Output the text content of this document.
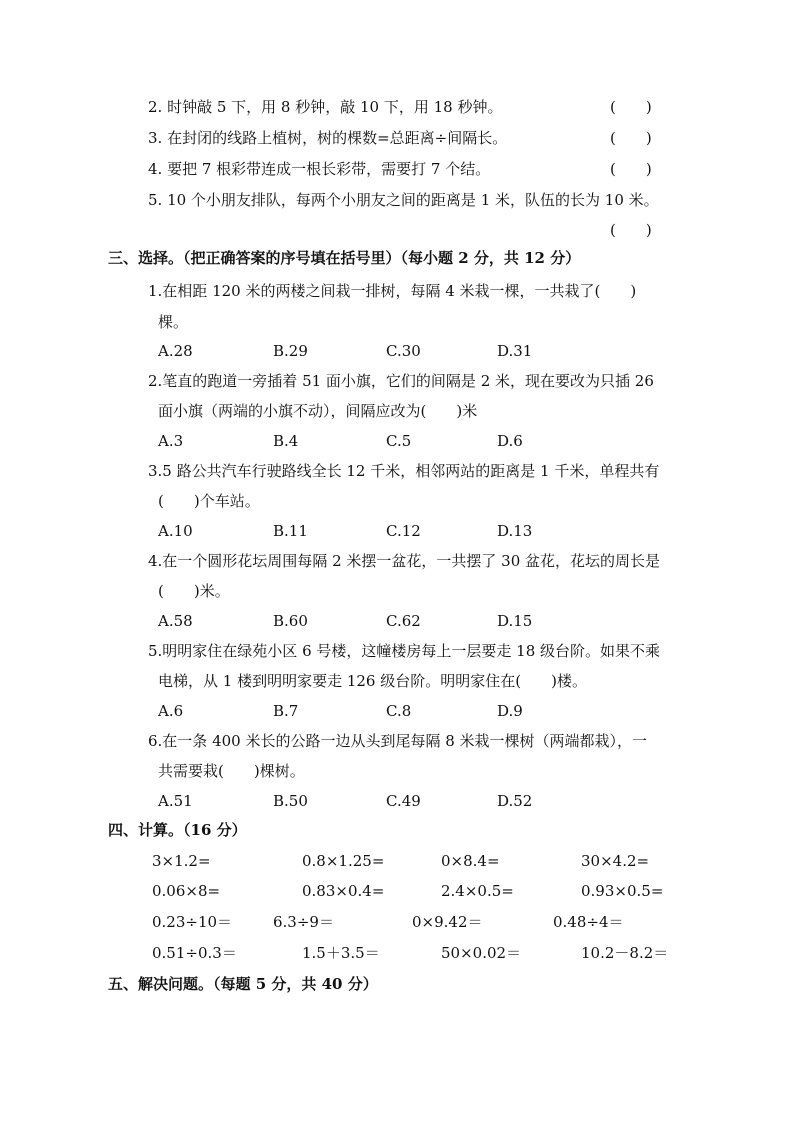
2. 时钟敲 5 下，用 8 秒钟，敲 10 下，用 18 秒钟。	(　　)
3. 在封闭的线路上植树，树的棵数=总距离÷间隔长。	(　　)
4. 要把 7 根彩带连成一根长彩带，需要打 7 个结。	(　　)
5. 10 个小朋友排队，每两个小朋友之间的距离是 1 米，队伍的长为 10 米。
(　　)
三、选择。（把正确答案的序号填在括号里）（每小题 2 分，共 12 分）
1.在相距 120 米的两楼之间栽一排树，每隔 4 米栽一棵，一共栽了(　　)
棵。
A.28	B.29	C.30	D.31
2.笔直的跑道一旁插着 51 面小旗，它们的间隔是 2 米，现在要改为只插 26
面小旗（两端的小旗不动），间隔应改为(　　)米
A.3	B.4	C.5	D.6
3.5 路公共汽车行驶路线全长 12 千米，相邻两站的距离是 1 千米，单程共有
(　　)个车站。
A.10	B.11	C.12	D.13
4.在一个圆形花坛周围每隔 2 米摆一盆花，一共摆了 30 盆花，花坛的周长是
(　　)米。
A.58	B.60	C.62	D.15
5.明明家住在绿苑小区 6 号楼，这幢楼房每上一层要走 18 级台阶。如果不乘
电梯，从 1 楼到明明家要走 126 级台阶。明明家住在(　　)楼。
A.6	B.7	C.8	D.9
6.在一条 400 米长的公路一边从头到尾每隔 8 米栽一棵树（两端都栽），一
共需要栽(　　)棵树。
A.51	B.50	C.49	D.52
四、计算。（16 分）
3×1.2=	0.8×1.25=	0×8.4=	30×4.2=
0.06×8=	0.83×0.4=	2.4×0.5=	0.93×0.5=
0.23÷10＝	6.3÷9＝	0×9.42＝	0.48÷4＝
0.51÷0.3＝	1.5＋3.5＝	50×0.02＝	10.2－8.2＝
五、解决问题。（每题 5 分，共 40 分）
